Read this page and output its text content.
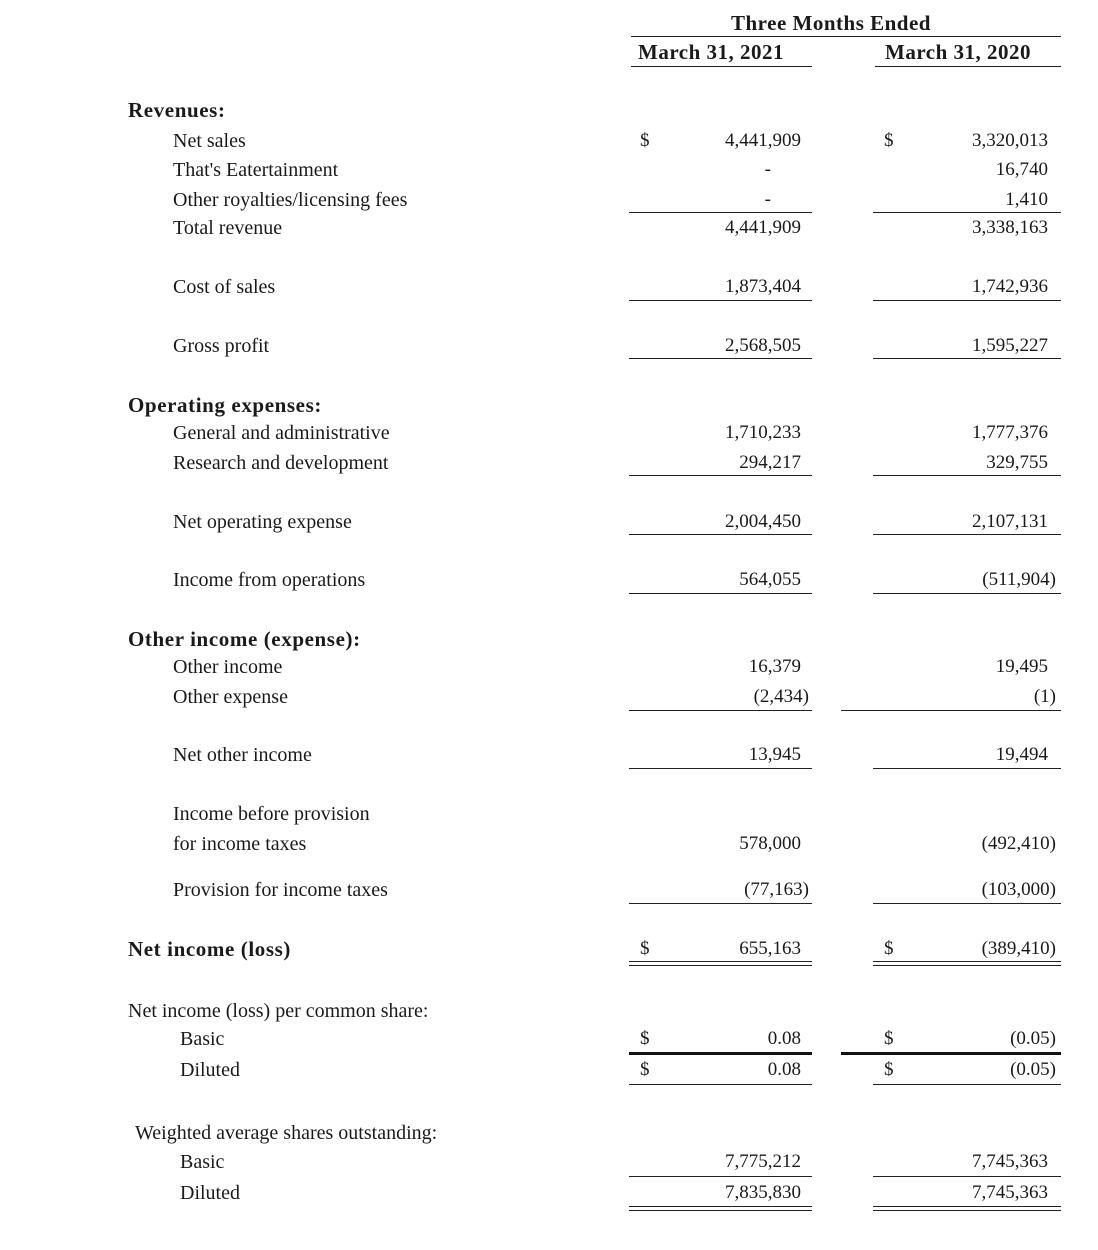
Three Months Ended
March 31, 2021	March 31, 2020
Revenues:
Net sales	$	4,441,909	$	3,320,013
That's Eatertainment	-	16,740
Other royalties/licensing fees	-	1,410
Total revenue	4,441,909	3,338,163
Cost of sales	1,873,404	1,742,936
Gross profit	2,568,505	1,595,227
Operating expenses:
General and administrative	1,710,233	1,777,376
Research and development	294,217	329,755
Net operating expense	2,004,450	2,107,131
Income from operations	564,055	(511,904)
Other income (expense):
Other income	16,379	19,495
Other expense	(2,434)	(1)
Net other income	13,945	19,494
Income before provision
for income taxes	578,000	(492,410)
Provision for income taxes	(77,163)	(103,000)
Net income (loss)	$	655,163	$	(389,410)
Net income (loss) per common share:
Basic	$	0.08	$	(0.05)
Diluted	$	0.08	$	(0.05)
Weighted average shares outstanding:
Basic	7,775,212	7,745,363
Diluted	7,835,830	7,745,363
